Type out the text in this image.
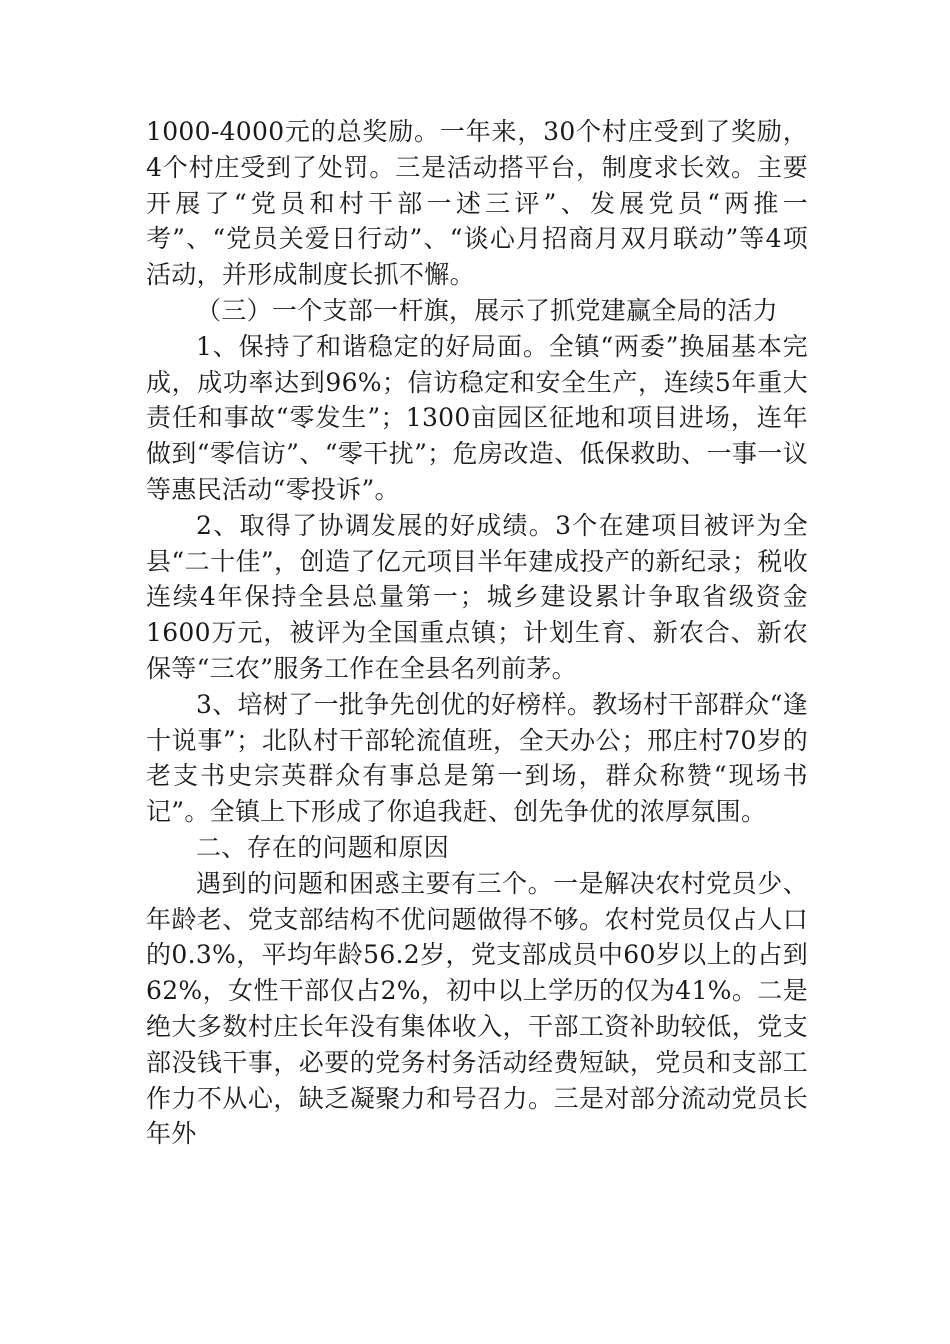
1000-4000元的总奖励。一年来，30个村庄受到了奖励，4个村庄受到了处罚。三是活动搭平台，制度求长效。主要开展了“党员和村干部一述三评”、发展党员“两推一考”、“党员关爱日行动”、“谈心月招商月双月联动”等4项活动，并形成制度长抓不懈。

（三）一个支部一杆旗，展示了抓党建赢全局的活力

1、保持了和谐稳定的好局面。全镇“两委”换届基本完成，成功率达到96%；信访稳定和安全生产，连续5年重大责任和事故“零发生”；1300亩园区征地和项目进场，连年做到“零信访”、“零干扰”；危房改造、低保救助、一事一议等惠民活动“零投诉”。

2、取得了协调发展的好成绩。3个在建项目被评为全县“二十佳”，创造了亿元项目半年建成投产的新纪录；税收连续4年保持全县总量第一；城乡建设累计争取省级资金1600万元，被评为全国重点镇；计划生育、新农合、新农保等“三农”服务工作在全县名列前茅。

3、培树了一批争先创优的好榜样。教场村干部群众“逢十说事”；北队村干部轮流值班，全天办公；邢庄村70岁的老支书史宗英群众有事总是第一到场，群众称赞“现场书记”。全镇上下形成了你追我赶、创先争优的浓厚氛围。

二、存在的问题和原因

遇到的问题和困惑主要有三个。一是解决农村党员少、年龄老、党支部结构不优问题做得不够。农村党员仅占人口的0.3%，平均年龄56.2岁，党支部成员中60岁以上的占到62%，女性干部仅占2%，初中以上学历的仅为41%。二是绝大多数村庄长年没有集体收入，干部工资补助较低，党支部没钱干事，必要的党务村务活动经费短缺，党员和支部工作力不从心，缺乏凝聚力和号召力。三是对部分流动党员长年外
